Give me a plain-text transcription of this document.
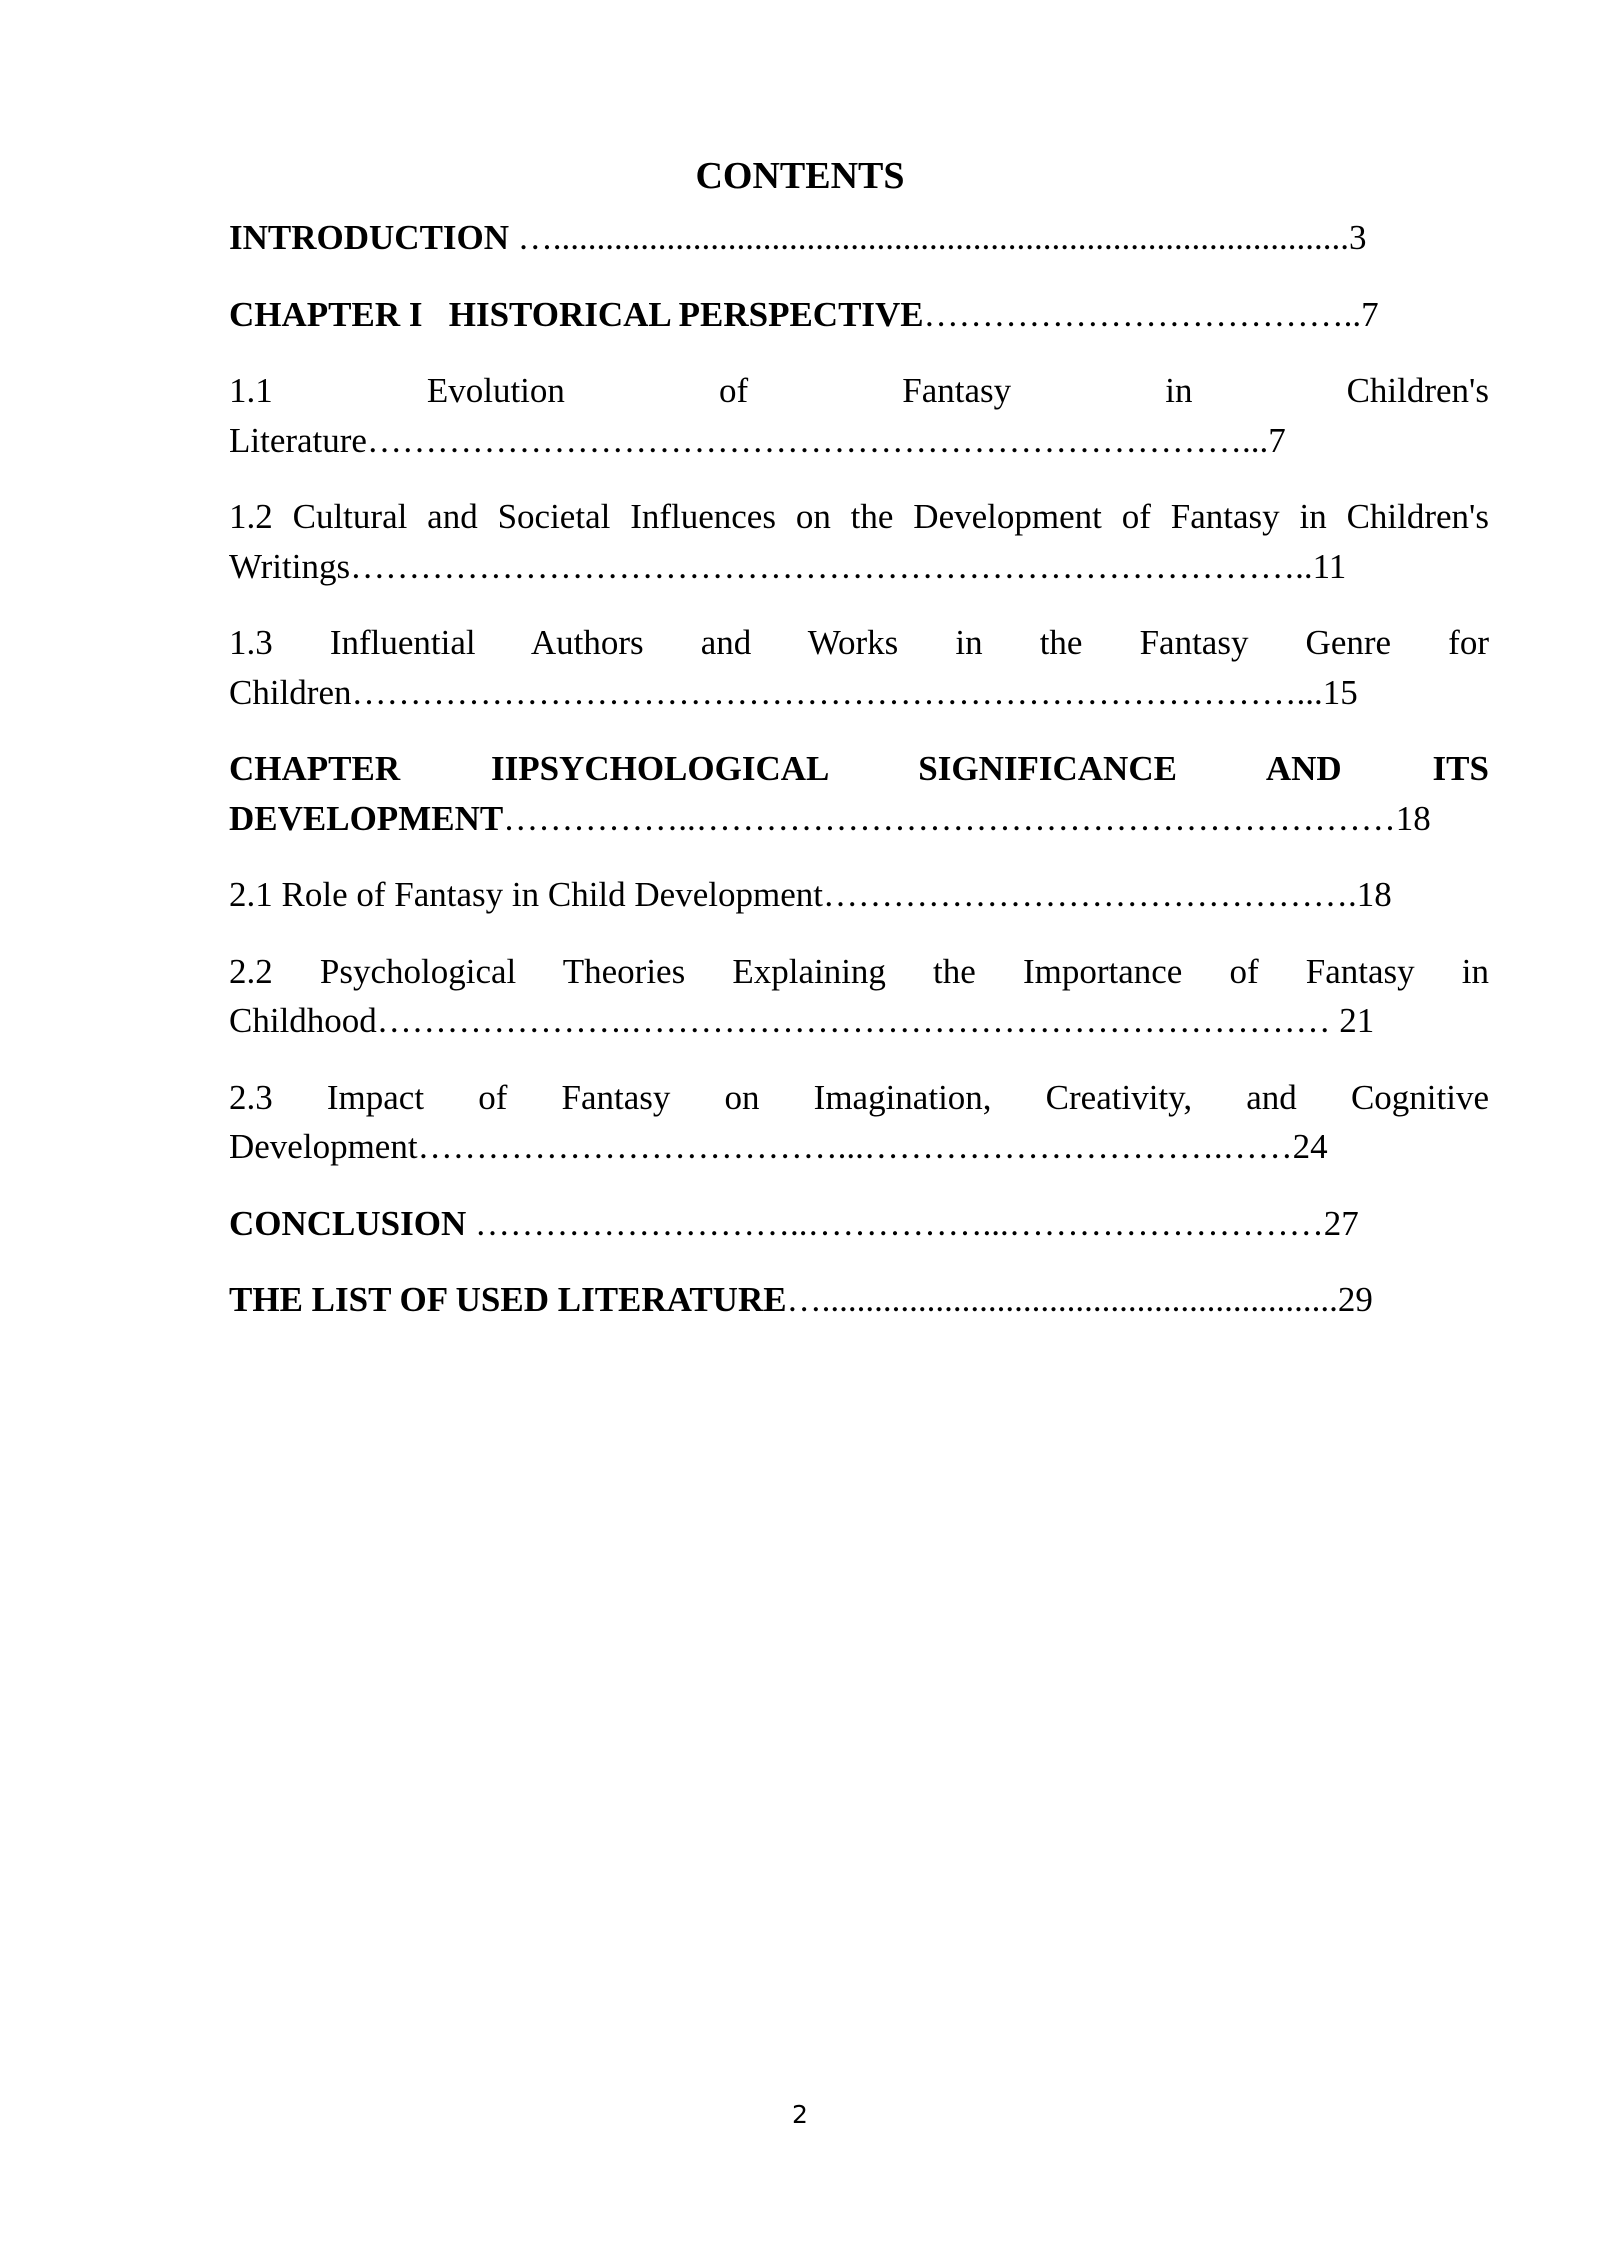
CONTENTS

INTRODUCTION …...........................................................................................3

CHAPTER I   HISTORICAL PERSPECTIVE………………………………..7

1.1 Evolution of Fantasy in Children's Literature…………………………………………………………………...7

1.2 Cultural and Societal Influences on the Development of Fantasy in Children's Writings………………………………………………………………………..11

1.3 Influential Authors and Works in the Fantasy Genre for Children………………………………………………………………………...15

CHAPTER IIPSYCHOLOGICAL SIGNIFICANCE AND ITS DEVELOPMENT……………..……………………………………………………18

2.1 Role of Fantasy in Child Development……………………………………….18

2.2 Psychological Theories Explaining the Importance of Fantasy in Childhood………………….…………………………………………………… 21

2.3 Impact of Fantasy on Imagination, Creativity, and Cognitive Development………………………………...………………………….……24

CONCLUSION ………………………..……………...………………………27

THE LIST OF USED LITERATURE…...........................................................29

2
